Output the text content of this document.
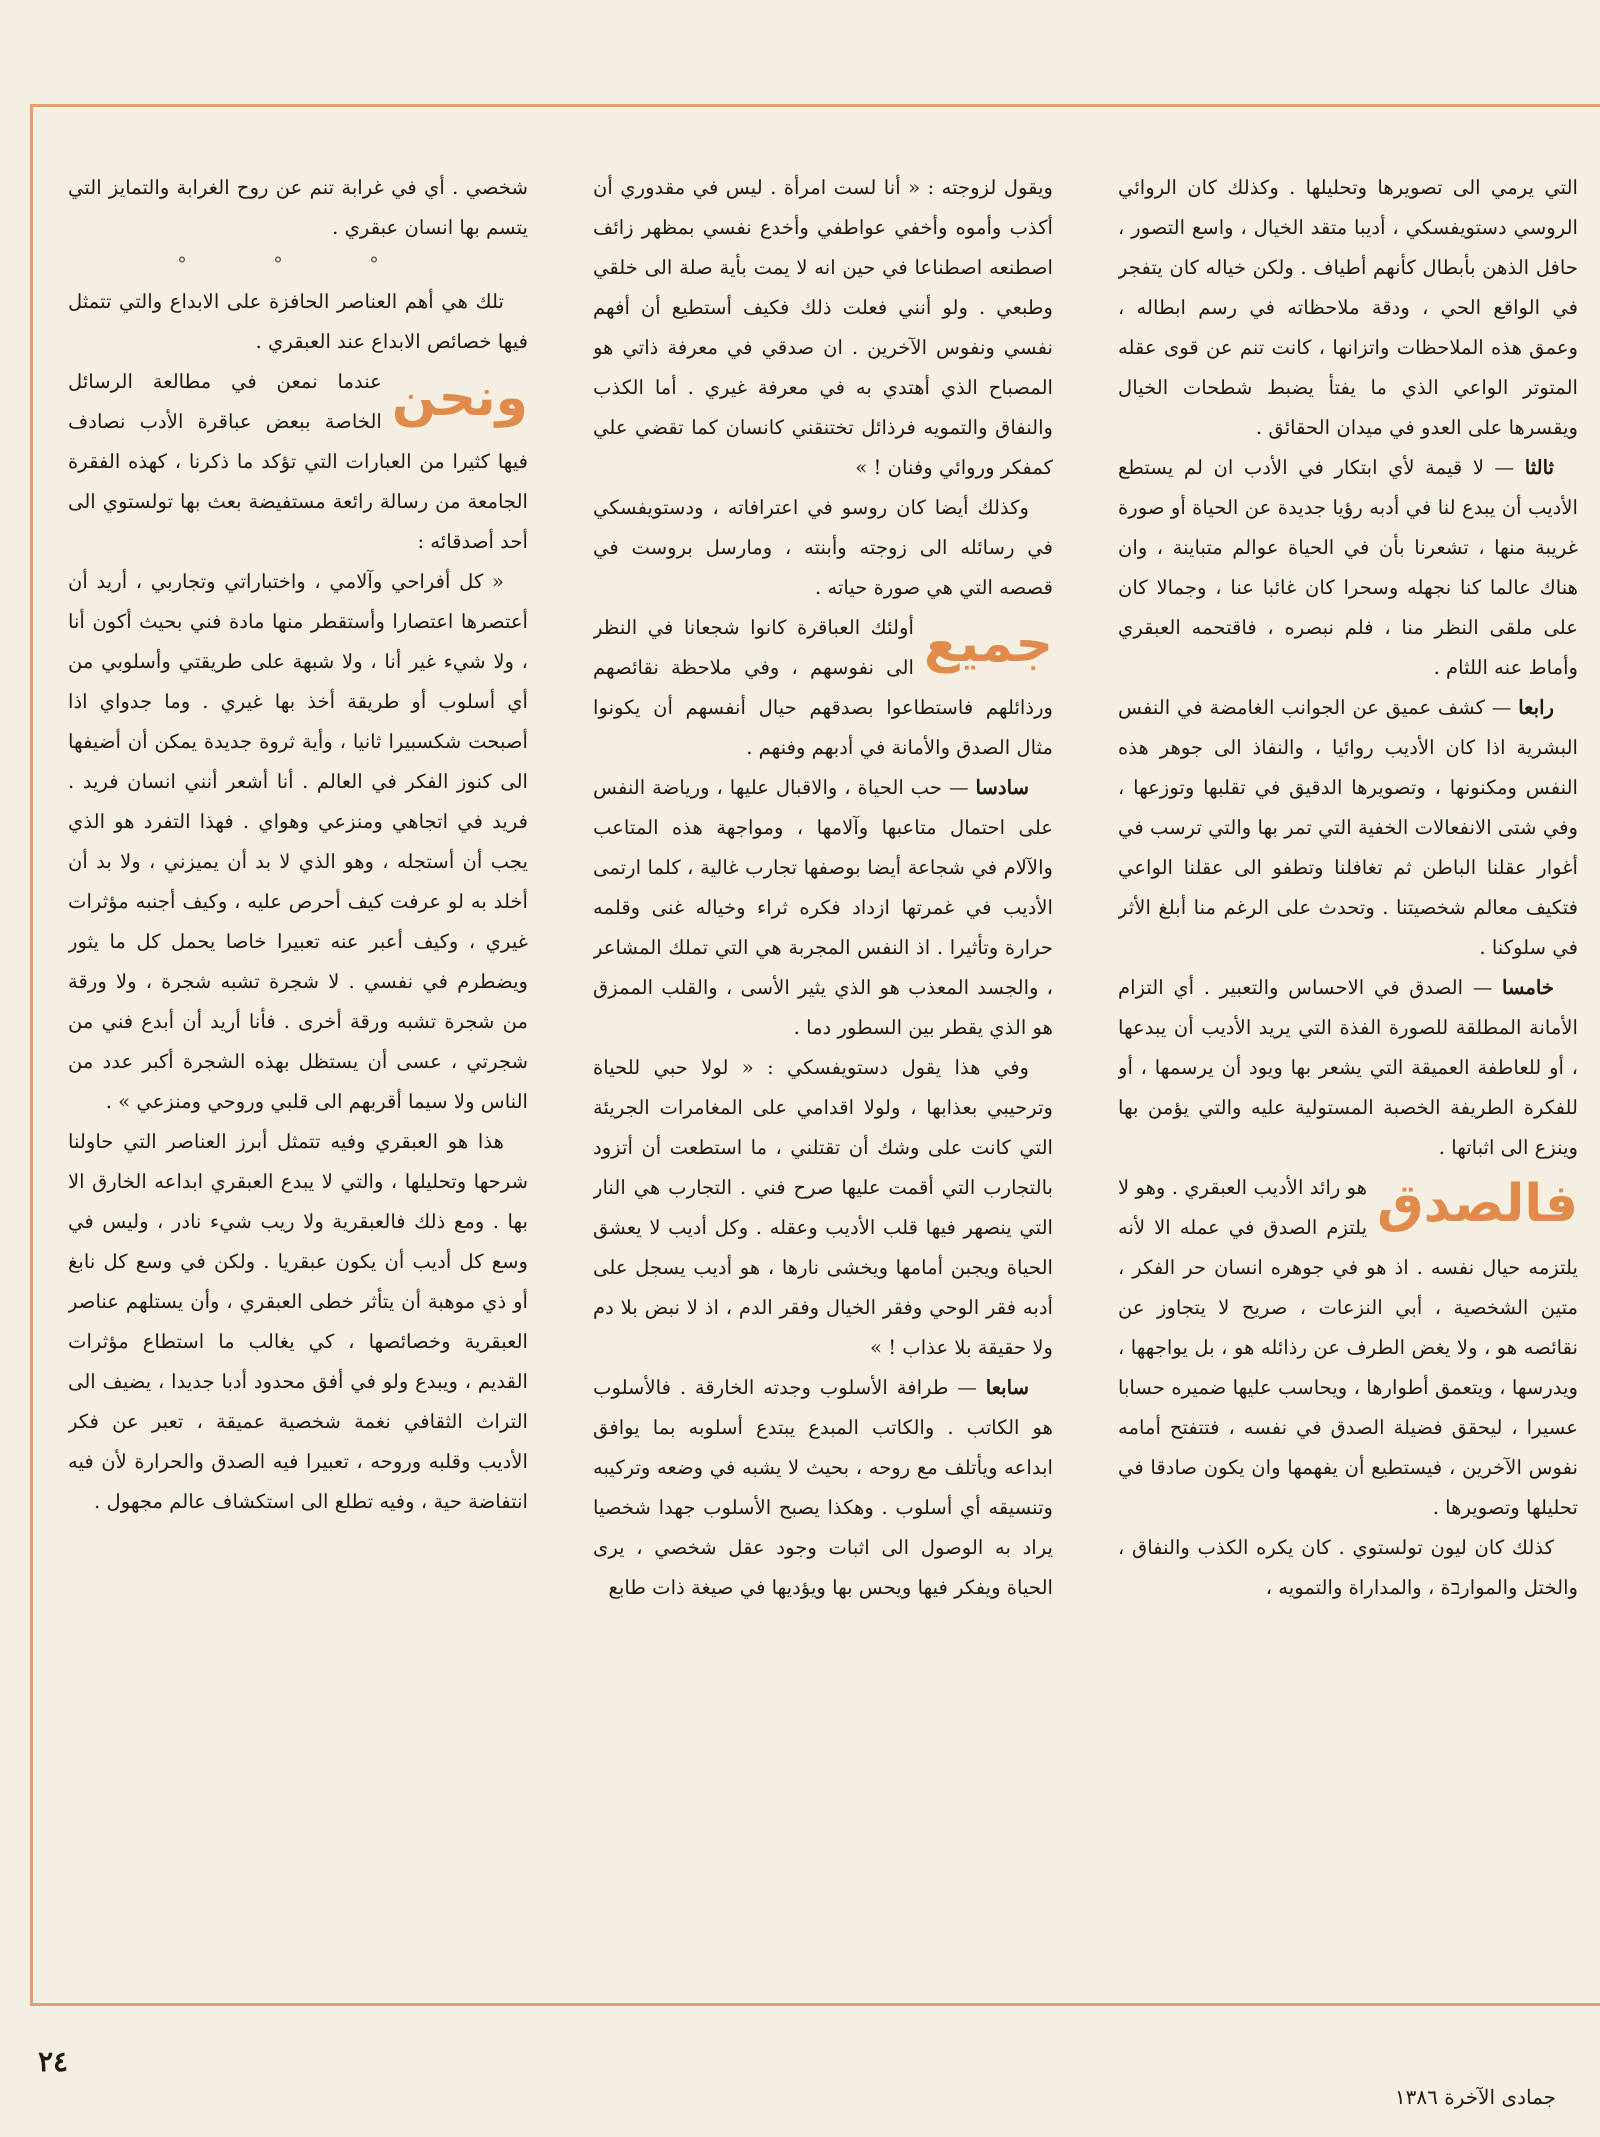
التي يرمي الى تصويرها وتحليلها . وكذلك كان الروائي الروسي دستويفسكي ، أديبا متقد الخيال ، واسع التصور ، حافل الذهن بأبطال كأنهم أطياف . ولكن خياله كان يتفجر في الواقع الحي ، ودقة ملاحظاته في رسم ابطاله ، وعمق هذه الملاحظات واتزانها ، كانت تنم عن قوى عقله المتوتر الواعي الذي ما يفتأ يضبط شطحات الخيال ويقسرها على العدو في ميدان الحقائق .

ثالثا — لا قيمة لأي ابتكار في الأدب ان لم يستطع الأديب أن يبدع لنا في أدبه رؤيا جديدة عن الحياة أو صورة غريبة منها ، تشعرنا بأن في الحياة عوالم متباينة ، وان هناك عالما كنا نجهله وسحرا كان غائبا عنا ، وجمالا كان على ملقى النظر منا ، فلم نبصره ، فاقتحمه العبقري وأماط عنه اللثام .

رابعا — كشف عميق عن الجوانب الغامضة في النفس البشرية اذا كان الأديب روائيا ، والنفاذ الى جوهر هذه النفس ومكنونها ، وتصويرها الدقيق في تقلبها وتوزعها ، وفي شتى الانفعالات الخفية التي تمر بها والتي ترسب في أغوار عقلنا الباطن ثم تغافلنا وتطفو الى عقلنا الواعي فتكيف معالم شخصيتنا . وتحدث على الرغم منا أبلغ الأثر في سلوكنا .

خامسا — الصدق في الاحساس والتعبير . أي التزام الأمانة المطلقة للصورة الفذة التي يريد الأديب أن يبدعها ، أو للعاطفة العميقة التي يشعر بها ويود أن يرسمها ، أو للفكرة الطريفة الخصبة المستولية عليه والتي يؤمن بها وينزع الى اثباتها .

فالصدق
هو رائد الأديب العبقري . وهو لا يلتزم الصدق في عمله الا لأنه يلتزمه حيال نفسه . اذ هو في جوهره انسان حر الفكر ، متين الشخصية ، أبي النزعات ، صريح لا يتجاوز عن نقائصه هو ، ولا يغض الطرف عن رذائله هو ، بل يواجهها ، ويدرسها ، ويتعمق أطوارها ، ويحاسب عليها ضميره حسابا عسيرا ، ليحقق فضيلة الصدق في نفسه ، فتتفتح أمامه نفوس الآخرين ، فيستطيع أن يفهمها وان يكون صادقا في تحليلها وتصويرها .

كذلك كان ليون تولستوي . كان يكره الكذب والنفاق ، والختل والموارבة ، والمداراة والتمويه ،

ويقول لزوجته : « أنا لست امرأة . ليس في مقدوري أن أكذب وأموه وأخفي عواطفي وأخدع نفسي بمظهر زائف اصطنعه اصطناعا في حين انه لا يمت بأية صلة الى خلقي وطبعي . ولو أنني فعلت ذلك فكيف أستطيع أن أفهم نفسي ونفوس الآخرين . ان صدقي في معرفة ذاتي هو المصباح الذي أهتدي به في معرفة غيري . أما الكذب والنفاق والتمويه فرذائل تختنقني كانسان كما تقضي علي كمفكر وروائي وفنان ! »

وكذلك أيضا كان روسو في اعترافاته ، ودستويفسكي في رسائله الى زوجته وأبنته ، ومارسل بروست في قصصه التي هي صورة حياته .

جميع
أولئك العباقرة كانوا شجعانا في النظر الى نفوسهم ، وفي ملاحظة نقائصهم ورذائلهم فاستطاعوا بصدقهم حيال أنفسهم أن يكونوا مثال الصدق والأمانة في أدبهم وفنهم .

سادسا — حب الحياة ، والاقبال عليها ، ورياضة النفس على احتمال متاعبها وآلامها ، ومواجهة هذه المتاعب والآلام في شجاعة أيضا بوصفها تجارب غالية ، كلما ارتمى الأديب في غمرتها ازداد فكره ثراء وخياله غنى وقلمه حرارة وتأثيرا . اذ النفس المجربة هي التي تملك المشاعر ، والجسد المعذب هو الذي يثير الأسى ، والقلب الممزق هو الذي يقطر بين السطور دما .

وفي هذا يقول دستويفسكي : « لولا حبي للحياة وترحيبي بعذابها ، ولولا اقدامي على المغامرات الجريئة التي كانت على وشك أن تقتلني ، ما استطعت أن أتزود بالتجارب التي أقمت عليها صرح فني . التجارب هي النار التي ينصهر فيها قلب الأديب وعقله . وكل أديب لا يعشق الحياة ويجبن أمامها ويخشى نارها ، هو أديب يسجل على أدبه فقر الوحي وفقر الخيال وفقر الدم ، اذ لا نبض بلا دم ولا حقيقة بلا عذاب ! »

سابعا — طرافة الأسلوب وجدته الخارقة . فالأسلوب هو الكاتب . والكاتب المبدع يبتدع أسلوبه بما يوافق ابداعه ويأتلف مع روحه ، بحيث لا يشبه في وضعه وتركيبه وتنسيقه أي أسلوب . وهكذا يصبح الأسلوب جهدا شخصيا يراد به الوصول الى اثبات وجود عقل شخصي ، يرى الحياة ويفكر فيها ويحس بها ويؤديها في صيغة ذات طابع

شخصي . أي في غرابة تنم عن روح الغرابة والتمايز التي يتسم بها انسان عبقري .

° ° °

تلك هي أهم العناصر الحافزة على الابداع والتي تتمثل فيها خصائص الابداع عند العبقري .

ونحن
عندما نمعن في مطالعة الرسائل الخاصة ببعض عباقرة الأدب نصادف فيها كثيرا من العبارات التي تؤكد ما ذكرنا ، كهذه الفقرة الجامعة من رسالة رائعة مستفيضة بعث بها تولستوي الى أحد أصدقائه :

« كل أفراحي وآلامي ، واختباراتي وتجاربي ، أريد أن أعتصرها اعتصارا وأستقطر منها مادة فني بحيث أكون أنا ، ولا شيء غير أنا ، ولا شبهة على طريقتي وأسلوبي من أي أسلوب أو طريقة أخذ بها غيري . وما جدواي اذا أصبحت شكسبيرا ثانيا ، وأية ثروة جديدة يمكن أن أضيفها الى كنوز الفكر في العالم . أنا أشعر أنني انسان فريد . فريد في اتجاهي ومنزعي وهواي . فهذا التفرد هو الذي يجب أن أستجله ، وهو الذي لا بد أن يميزني ، ولا بد أن أخلد به لو عرفت كيف أحرص عليه ، وكيف أجنبه مؤثرات غيري ، وكيف أعبر عنه تعبيرا خاصا يحمل كل ما يثور ويضطرم في نفسي . لا شجرة تشبه شجرة ، ولا ورقة من شجرة تشبه ورقة أخرى . فأنا أريد أن أبدع فني من شجرتي ، عسى أن يستظل بهذه الشجرة أكبر عدد من الناس ولا سيما أقربهم الى قلبي وروحي ومنزعي » .

هذا هو العبقري وفيه تتمثل أبرز العناصر التي حاولنا شرحها وتحليلها ، والتي لا يبدع العبقري ابداعه الخارق الا بها . ومع ذلك فالعبقرية ولا ريب شيء نادر ، وليس في وسع كل أديب أن يكون عبقريا . ولكن في وسع كل نابغ أو ذي موهبة أن يتأثر خطى العبقري ، وأن يستلهم عناصر العبقرية وخصائصها ، كي يغالب ما استطاع مؤثرات القديم ، ويبدع ولو في أفق محدود أدبا جديدا ، يضيف الى التراث الثقافي نغمة شخصية عميقة ، تعبر عن فكر الأديب وقلبه وروحه ، تعبيرا فيه الصدق والحرارة لأن فيه انتفاضة حية ، وفيه تطلع الى استكشاف عالم مجهول .

٢٤
جمادى الآخرة ١٣٨٦
